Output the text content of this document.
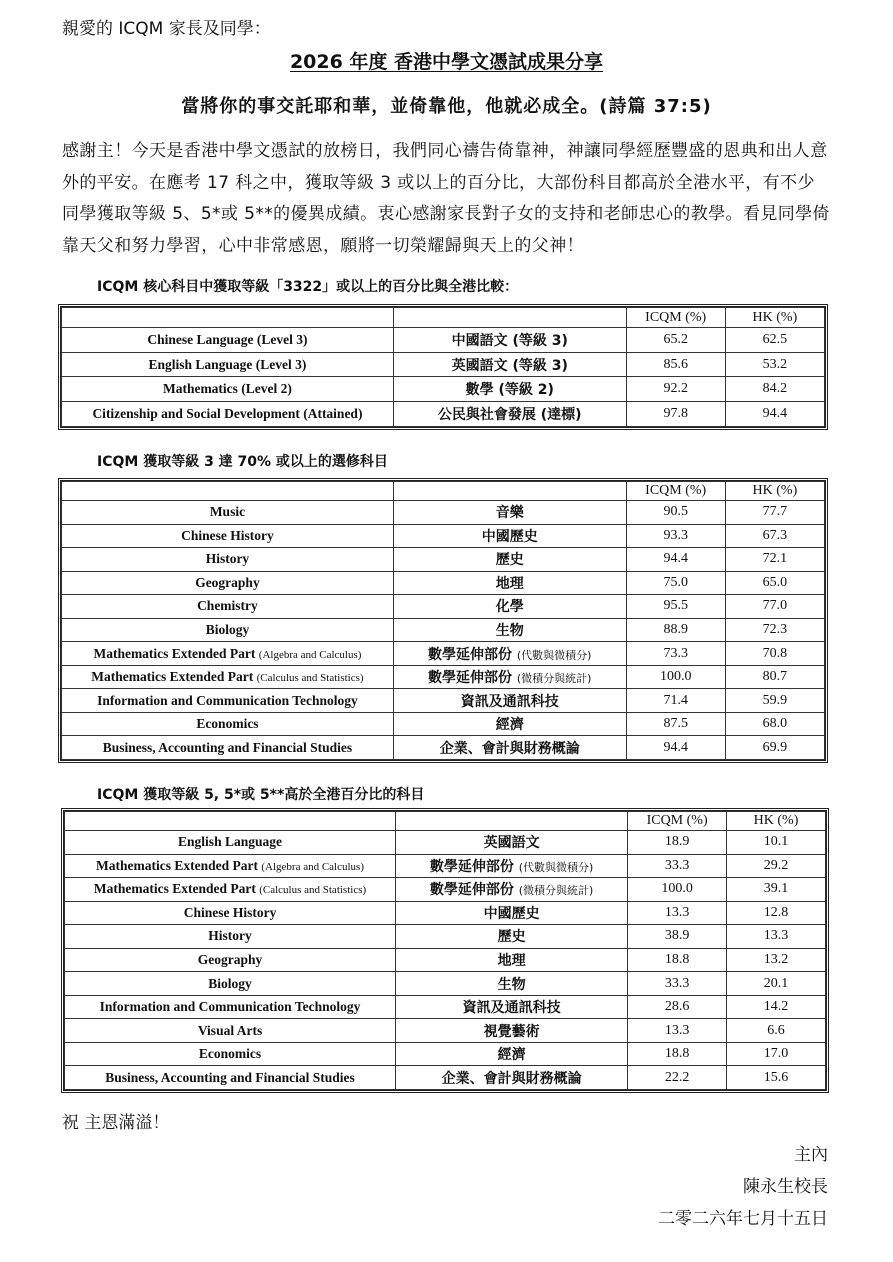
親愛的 ICQM 家長及同學：
2026 年度 香港中學文憑試成果分享
當將你的事交託耶和華，並倚靠他，他就必成全。(詩篇 37:5)
感謝主！今天是香港中學文憑試的放榜日，我們同心禱告倚靠神，神讓同學經歷豐盛的恩典和出人意外的平安。在應考 17 科之中，獲取等級 3 或以上的百分比，大部份科目都高於全港水平，有不少同學獲取等級 5、5*或 5**的優異成績。衷心感謝家長對子女的支持和老師忠心的教學。看見同學倚靠天父和努力學習，心中非常感恩，願將一切榮耀歸與天上的父神！
ICQM 核心科目中獲取等級「3322」或以上的百分比與全港比較：
		ICQM (%)	HK (%)
Chinese Language (Level 3)	中國語文 (等級 3)	65.2	62.5
English Language (Level 3)	英國語文 (等級 3)	85.6	53.2
Mathematics (Level 2)	數學 (等級 2)	92.2	84.2
Citizenship and Social Development (Attained)	公民與社會發展 (達標)	97.8	94.4
ICQM 獲取等級 3 達 70% 或以上的選修科目
		ICQM (%)	HK (%)
Music	音樂	90.5	77.7
Chinese History	中國歷史	93.3	67.3
History	歷史	94.4	72.1
Geography	地理	75.0	65.0
Chemistry	化學	95.5	77.0
Biology	生物	88.9	72.3
Mathematics Extended Part (Algebra and Calculus)	數學延伸部份 (代數與微積分)	73.3	70.8
Mathematics Extended Part (Calculus and Statistics)	數學延伸部份 (微積分與統計)	100.0	80.7
Information and Communication Technology	資訊及通訊科技	71.4	59.9
Economics	經濟	87.5	68.0
Business, Accounting and Financial Studies	企業、會計與財務概論	94.4	69.9
ICQM 獲取等級 5, 5*或 5**高於全港百分比的科目
		ICQM (%)	HK (%)
English Language	英國語文	18.9	10.1
Mathematics Extended Part (Algebra and Calculus)	數學延伸部份 (代數與微積分)	33.3	29.2
Mathematics Extended Part (Calculus and Statistics)	數學延伸部份 (微積分與統計)	100.0	39.1
Chinese History	中國歷史	13.3	12.8
History	歷史	38.9	13.3
Geography	地理	18.8	13.2
Biology	生物	33.3	20.1
Information and Communication Technology	資訊及通訊科技	28.6	14.2
Visual Arts	視覺藝術	13.3	6.6
Economics	經濟	18.8	17.0
Business, Accounting and Financial Studies	企業、會計與財務概論	22.2	15.6
祝 主恩滿溢！
主內
陳永生校長
二零二六年七月十五日
